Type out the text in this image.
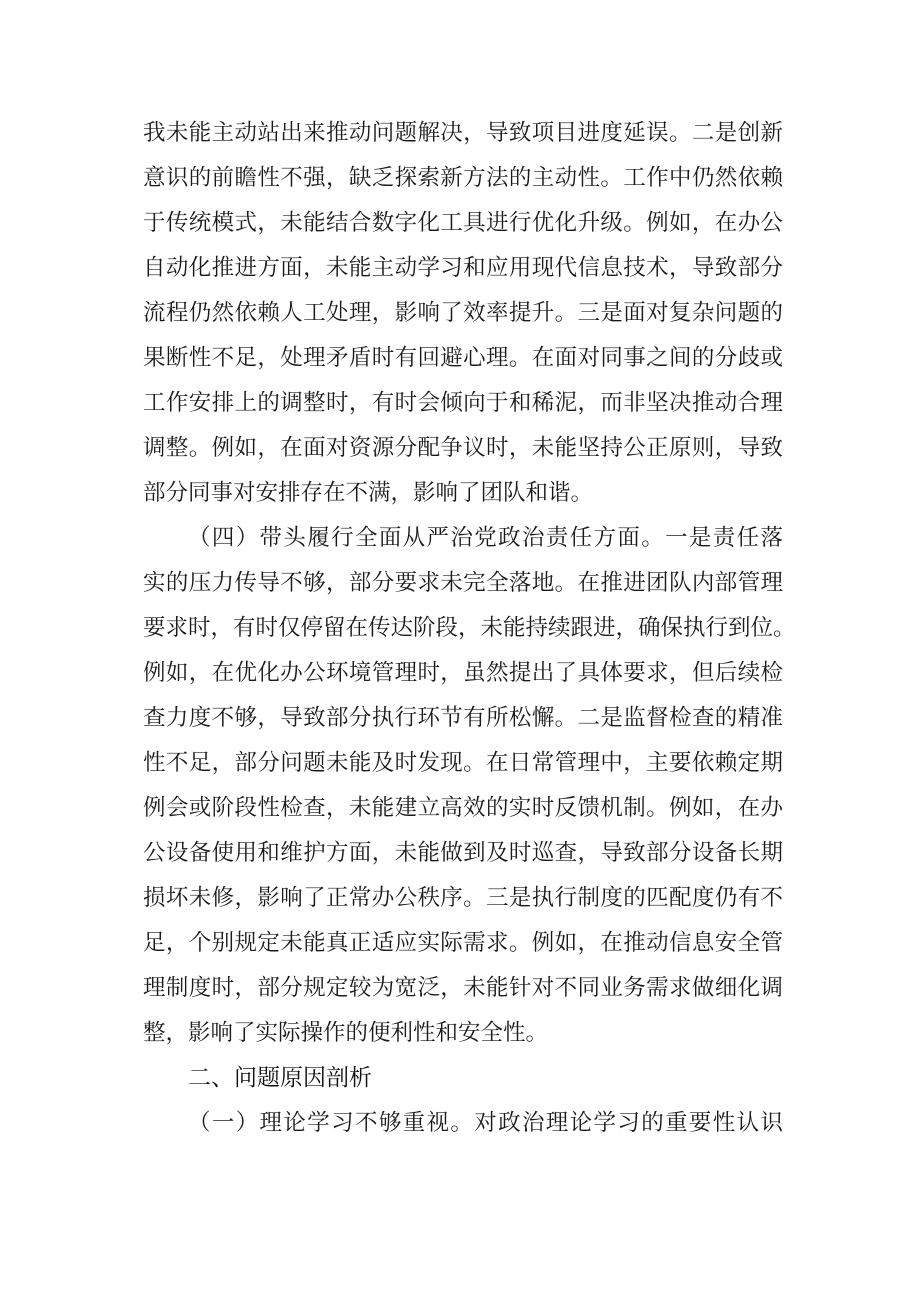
我未能主动站出来推动问题解决，导致项目进度延误。二是创新
意识的前瞻性不强，缺乏探索新方法的主动性。工作中仍然依赖
于传统模式，未能结合数字化工具进行优化升级。例如，在办公
自动化推进方面，未能主动学习和应用现代信息技术，导致部分
流程仍然依赖人工处理，影响了效率提升。三是面对复杂问题的
果断性不足，处理矛盾时有回避心理。在面对同事之间的分歧或
工作安排上的调整时，有时会倾向于和稀泥，而非坚决推动合理
调整。例如，在面对资源分配争议时，未能坚持公正原则，导致
部分同事对安排存在不满，影响了团队和谐。
（四）带头履行全面从严治党政治责任方面。一是责任落
实的压力传导不够，部分要求未完全落地。在推进团队内部管理
要求时，有时仅停留在传达阶段，未能持续跟进，确保执行到位。
例如，在优化办公环境管理时，虽然提出了具体要求，但后续检
查力度不够，导致部分执行环节有所松懈。二是监督检查的精准
性不足，部分问题未能及时发现。在日常管理中，主要依赖定期
例会或阶段性检查，未能建立高效的实时反馈机制。例如，在办
公设备使用和维护方面，未能做到及时巡查，导致部分设备长期
损坏未修，影响了正常办公秩序。三是执行制度的匹配度仍有不
足，个别规定未能真正适应实际需求。例如，在推动信息安全管
理制度时，部分规定较为宽泛，未能针对不同业务需求做细化调
整，影响了实际操作的便利性和安全性。
二、问题原因剖析
（一）理论学习不够重视。对政治理论学习的重要性认识
